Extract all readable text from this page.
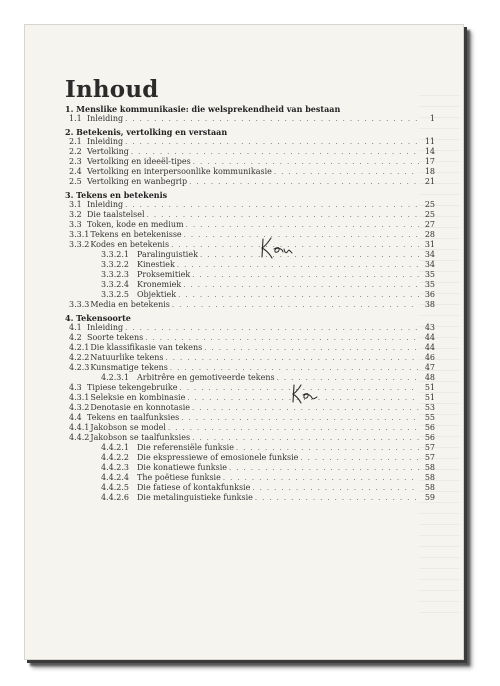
Inhoud
1. Menslike kommunikasie: die welsprekendheid van bestaan
1.1 Inleiding . . .	1
2. Betekenis, vertolking en verstaan
2.1 Inleiding . . .	11
2.2 Vertolking . . .	14
2.3 Vertolking en ideeël-tipes . . .	17
2.4 Vertolking en interpersoonlike kommunikasie . . .	18
2.5 Vertolking en wanbegrip . . .	21
3. Tekens en betekenis
3.1 Inleiding . . .	25
3.2 Die taalstelsel . . .	25
3.3 Token, kode en medium . . .	27
3.3.1 Tekens en betekenisse . . .	28
3.3.2 Kodes en betekenis . . .	31
3.3.2.1	Paralinguistiek . . .	34
3.3.2.2	Kinestiek . . .	34
3.3.2.3	Proksemitiek . . .	35
3.3.2.4	Kronemiek . . .	35
3.3.2.5	Objektiek . . .	36
3.3.3 Media en betekenis . . .	38
4. Tekensoorte
4.1 Inleiding . . .	43
4.2 Soorte tekens . . .	44
4.2.1 Die klassifikasie van tekens . . .	44
4.2.2 Natuurlike tekens . . .	46
4.2.3 Kunsmatige tekens . . .	47
4.2.3.1	Arbitrêre en gemotiveerde tekens . . .	48
4.3 Tipiese tekengebruike . . .	51
4.3.1 Seleksie en kombinasie . . .	51
4.3.2 Denotasie en konnotasie . . .	53
4.4 Tekens en taalfunksies . . .	55
4.4.1 Jakobson se model . . .	56
4.4.2 Jakobson se taalfunksies . . .	56
4.4.2.1	Die referensiële funksie . . .	57
4.4.2.2	Die ekspressiewe of emosionele funksie . . .	57
4.4.2.3	Die konatiewe funksie . . .	58
4.4.2.4	The poëtiese funksie . . .	58
4.4.2.5	Die fatiese of kontakfunksie . . .	58
4.4.2.6	Die metalinguistieke funksie . . .	59
